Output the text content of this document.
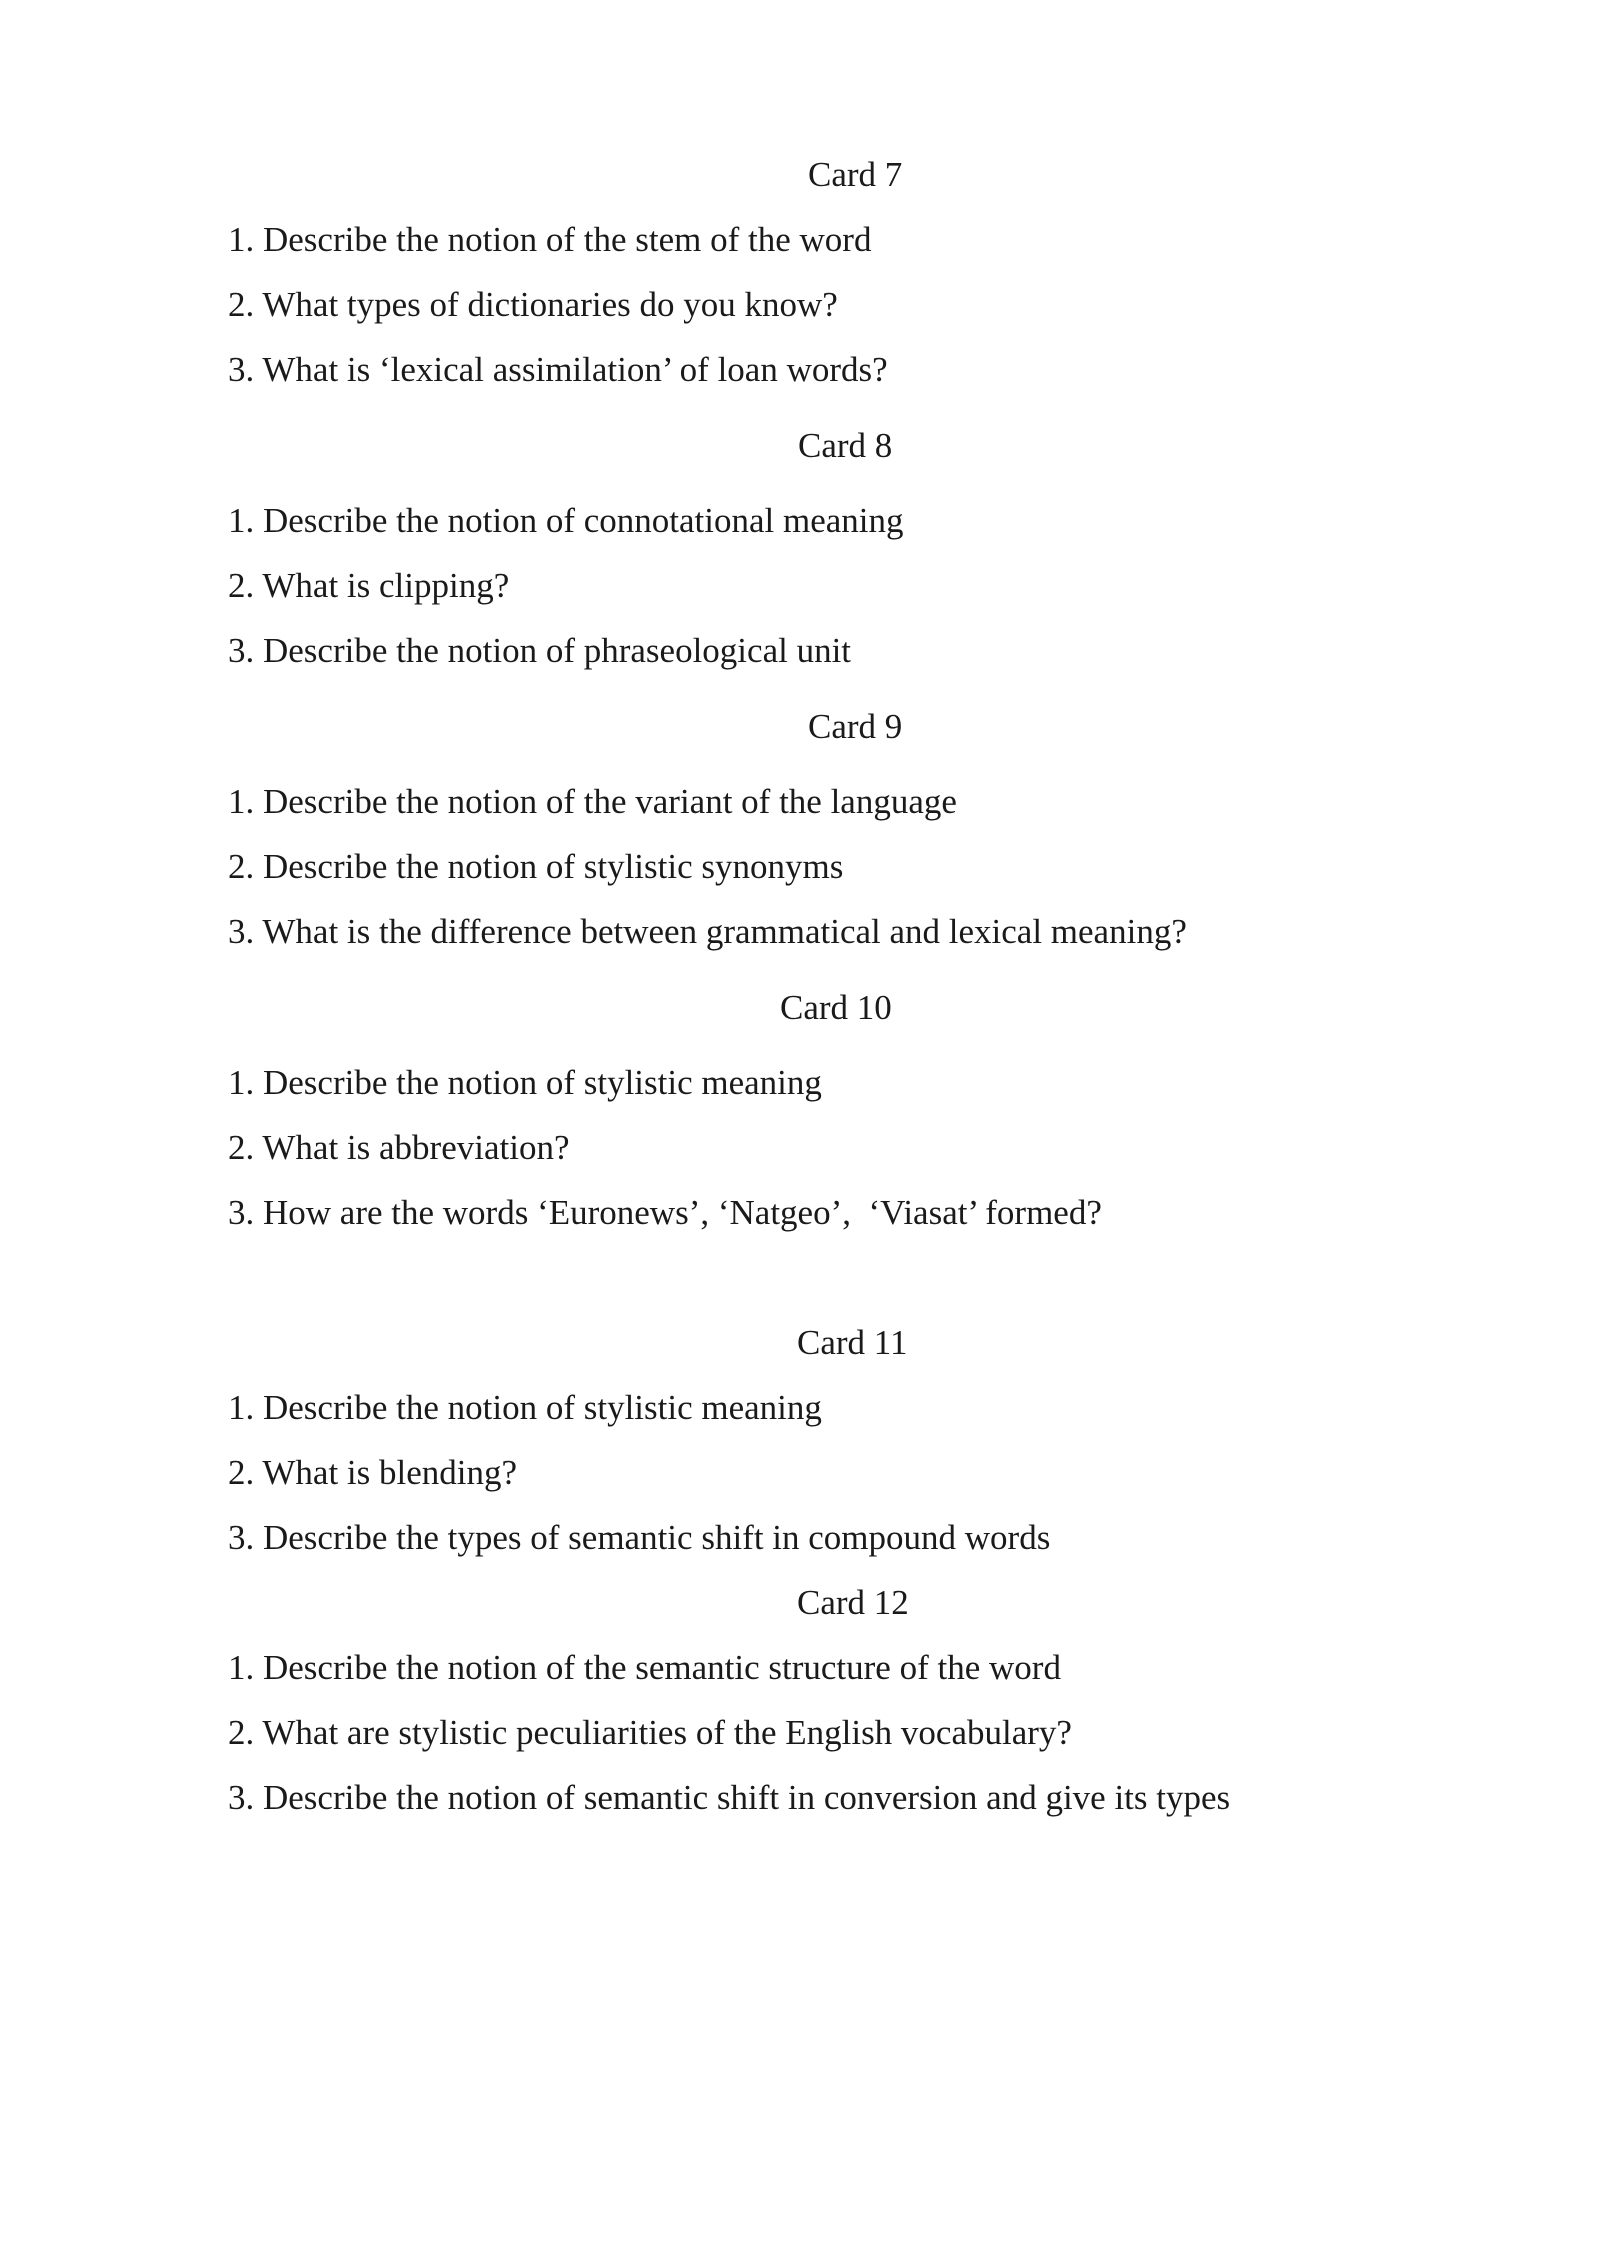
Card 7
1. Describe the notion of the stem of the word
2. What types of dictionaries do you know?
3. What is ‘lexical assimilation’ of loan words?
Card 8
1. Describe the notion of connotational meaning
2. What is clipping?
3. Describe the notion of phraseological unit
Card 9
1. Describe the notion of the variant of the language
2. Describe the notion of stylistic synonyms
3. What is the difference between grammatical and lexical meaning?
Card 10
1. Describe the notion of stylistic meaning
2. What is abbreviation?
3. How are the words ‘Euronews’, ‘Natgeo’,  ‘Viasat’ formed?
Card 11
1. Describe the notion of stylistic meaning
2. What is blending?
3. Describe the types of semantic shift in compound words
Card 12
1. Describe the notion of the semantic structure of the word
2. What are stylistic peculiarities of the English vocabulary?
3. Describe the notion of semantic shift in conversion and give its types
